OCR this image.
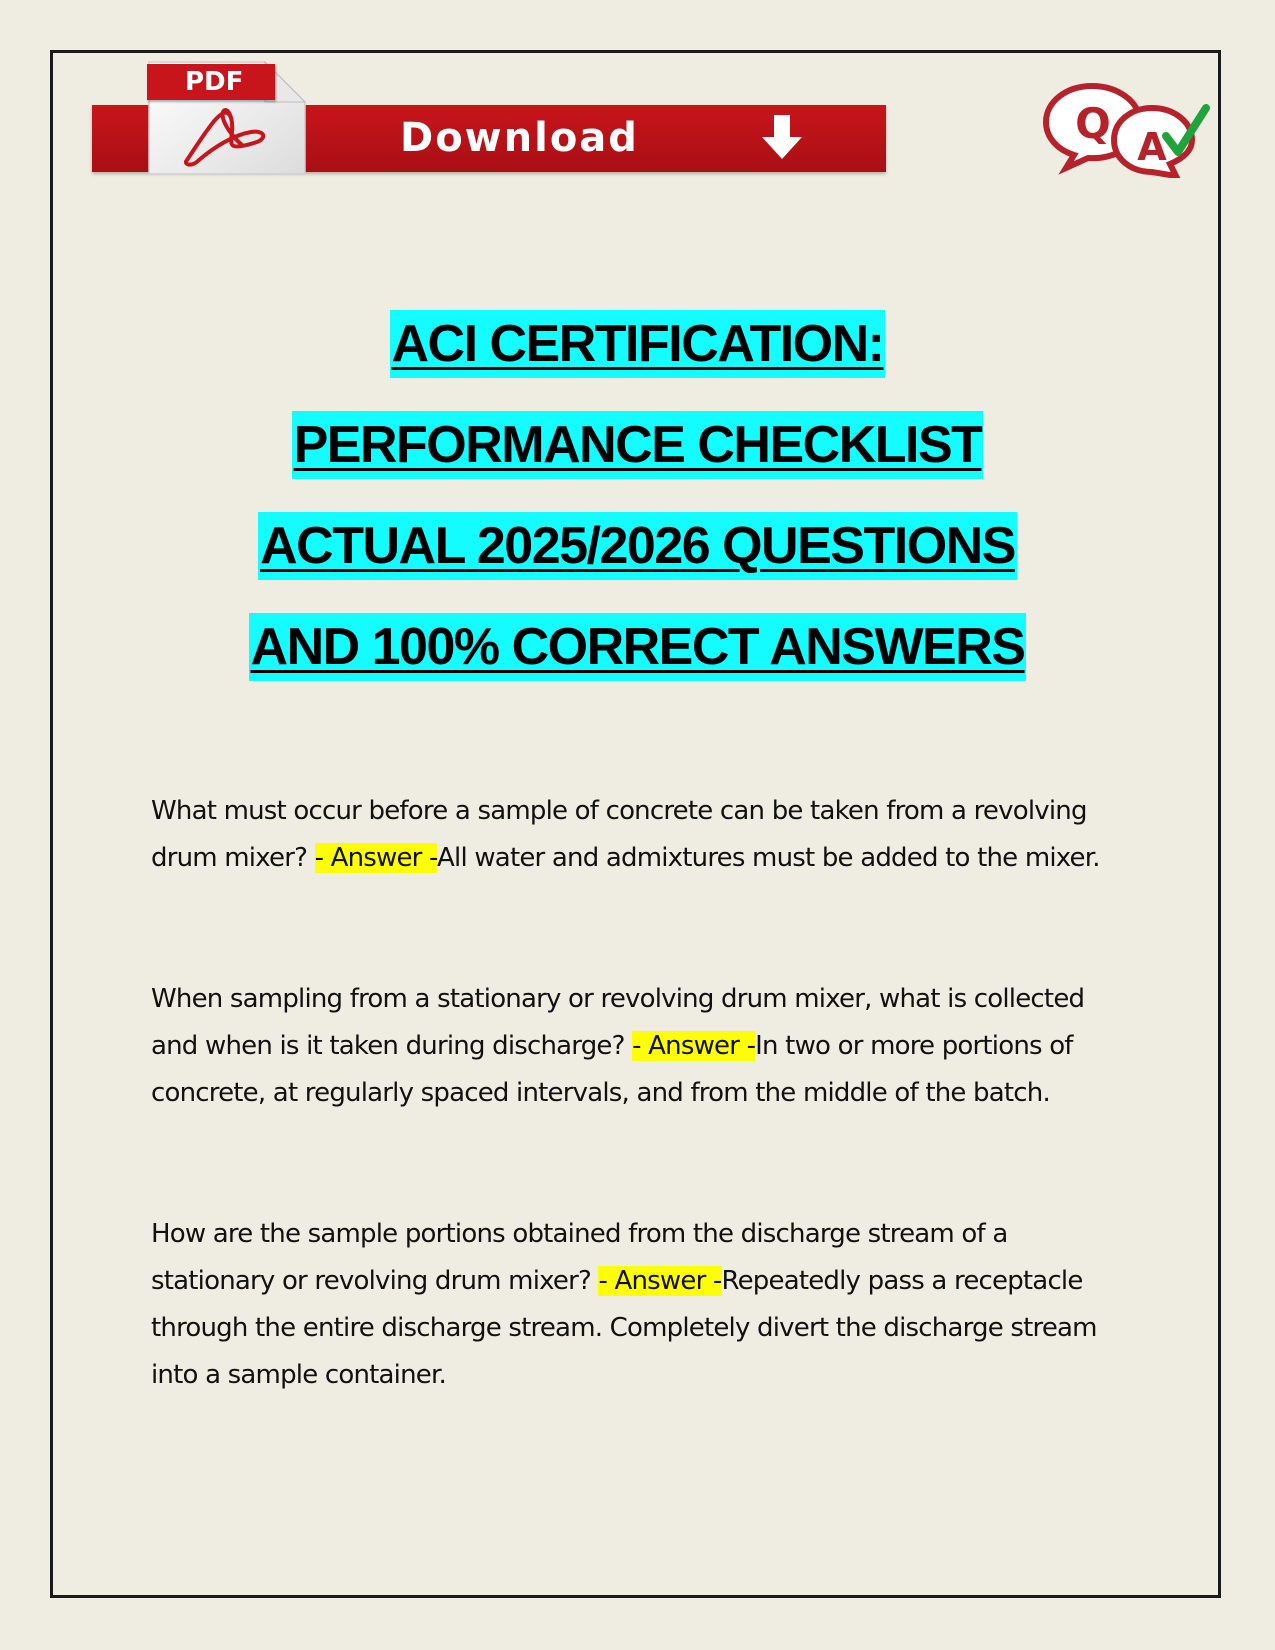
Download
PDF
Q A
ACI CERTIFICATION:
PERFORMANCE CHECKLIST
ACTUAL 2025/2026 QUESTIONS
AND 100% CORRECT ANSWERS

What must occur before a sample of concrete can be taken from a revolving drum mixer? - Answer -All water and admixtures must be added to the mixer.

When sampling from a stationary or revolving drum mixer, what is collected and when is it taken during discharge? - Answer -In two or more portions of concrete, at regularly spaced intervals, and from the middle of the batch.

How are the sample portions obtained from the discharge stream of a stationary or revolving drum mixer? - Answer -Repeatedly pass a receptacle through the entire discharge stream. Completely divert the discharge stream into a sample container.
